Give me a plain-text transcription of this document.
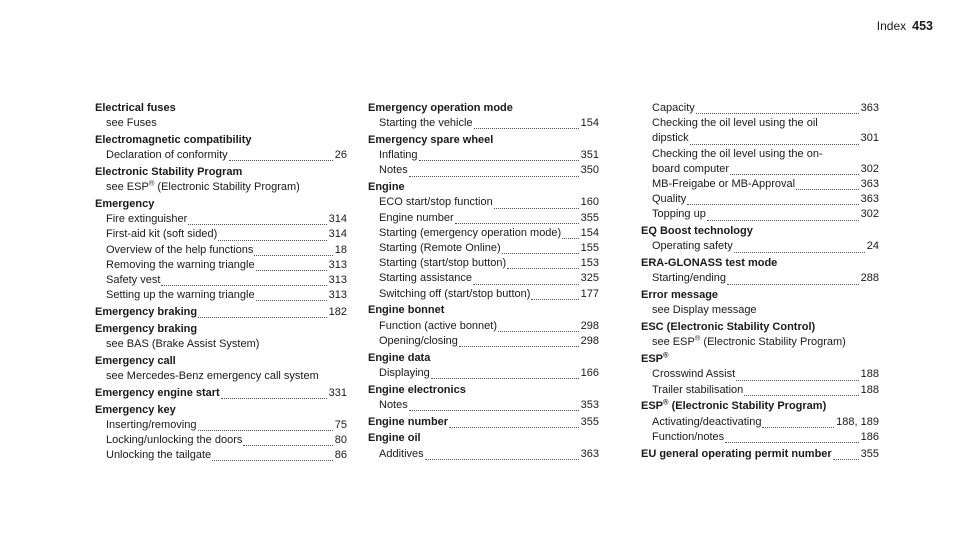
Index 453
Electrical fuses
see Fuses
Electromagnetic compatibility
Declaration of conformity	26
Electronic Stability Program
see ESP® (Electronic Stability Program)
Emergency
Fire extinguisher	314
First-aid kit (soft sided)	314
Overview of the help functions	18
Removing the warning triangle	313
Safety vest	313
Setting up the warning triangle	313
Emergency braking	182
Emergency braking
see BAS (Brake Assist System)
Emergency call
see Mercedes-Benz emergency call system
Emergency engine start	331
Emergency key
Inserting/removing	75
Locking/unlocking the doors	80
Unlocking the tailgate	86
Emergency operation mode
Starting the vehicle	154
Emergency spare wheel
Inflating	351
Notes	350
Engine
ECO start/stop function	160
Engine number	355
Starting (emergency operation mode) 154
Starting (Remote Online)	155
Starting (start/stop button)	153
Starting assistance	325
Switching off (start/stop button)	177
Engine bonnet
Function (active bonnet)	298
Opening/closing	298
Engine data
Displaying	166
Engine electronics
Notes	353
Engine number	355
Engine oil
Additives	363
Capacity	363
Checking the oil level using the oil
dipstick	301
Checking the oil level using the on-
board computer	302
MB-Freigabe or MB-Approval	363
Quality	363
Topping up	302
EQ Boost technology
Operating safety	24
ERA-GLONASS test mode
Starting/ending	288
Error message
see Display message
ESC (Electronic Stability Control)
see ESP® (Electronic Stability Program)
ESP®
Crosswind Assist	188
Trailer stabilisation	188
ESP® (Electronic Stability Program)
Activating/deactivating	188, 189
Function/notes	186
EU general operating permit number	355
